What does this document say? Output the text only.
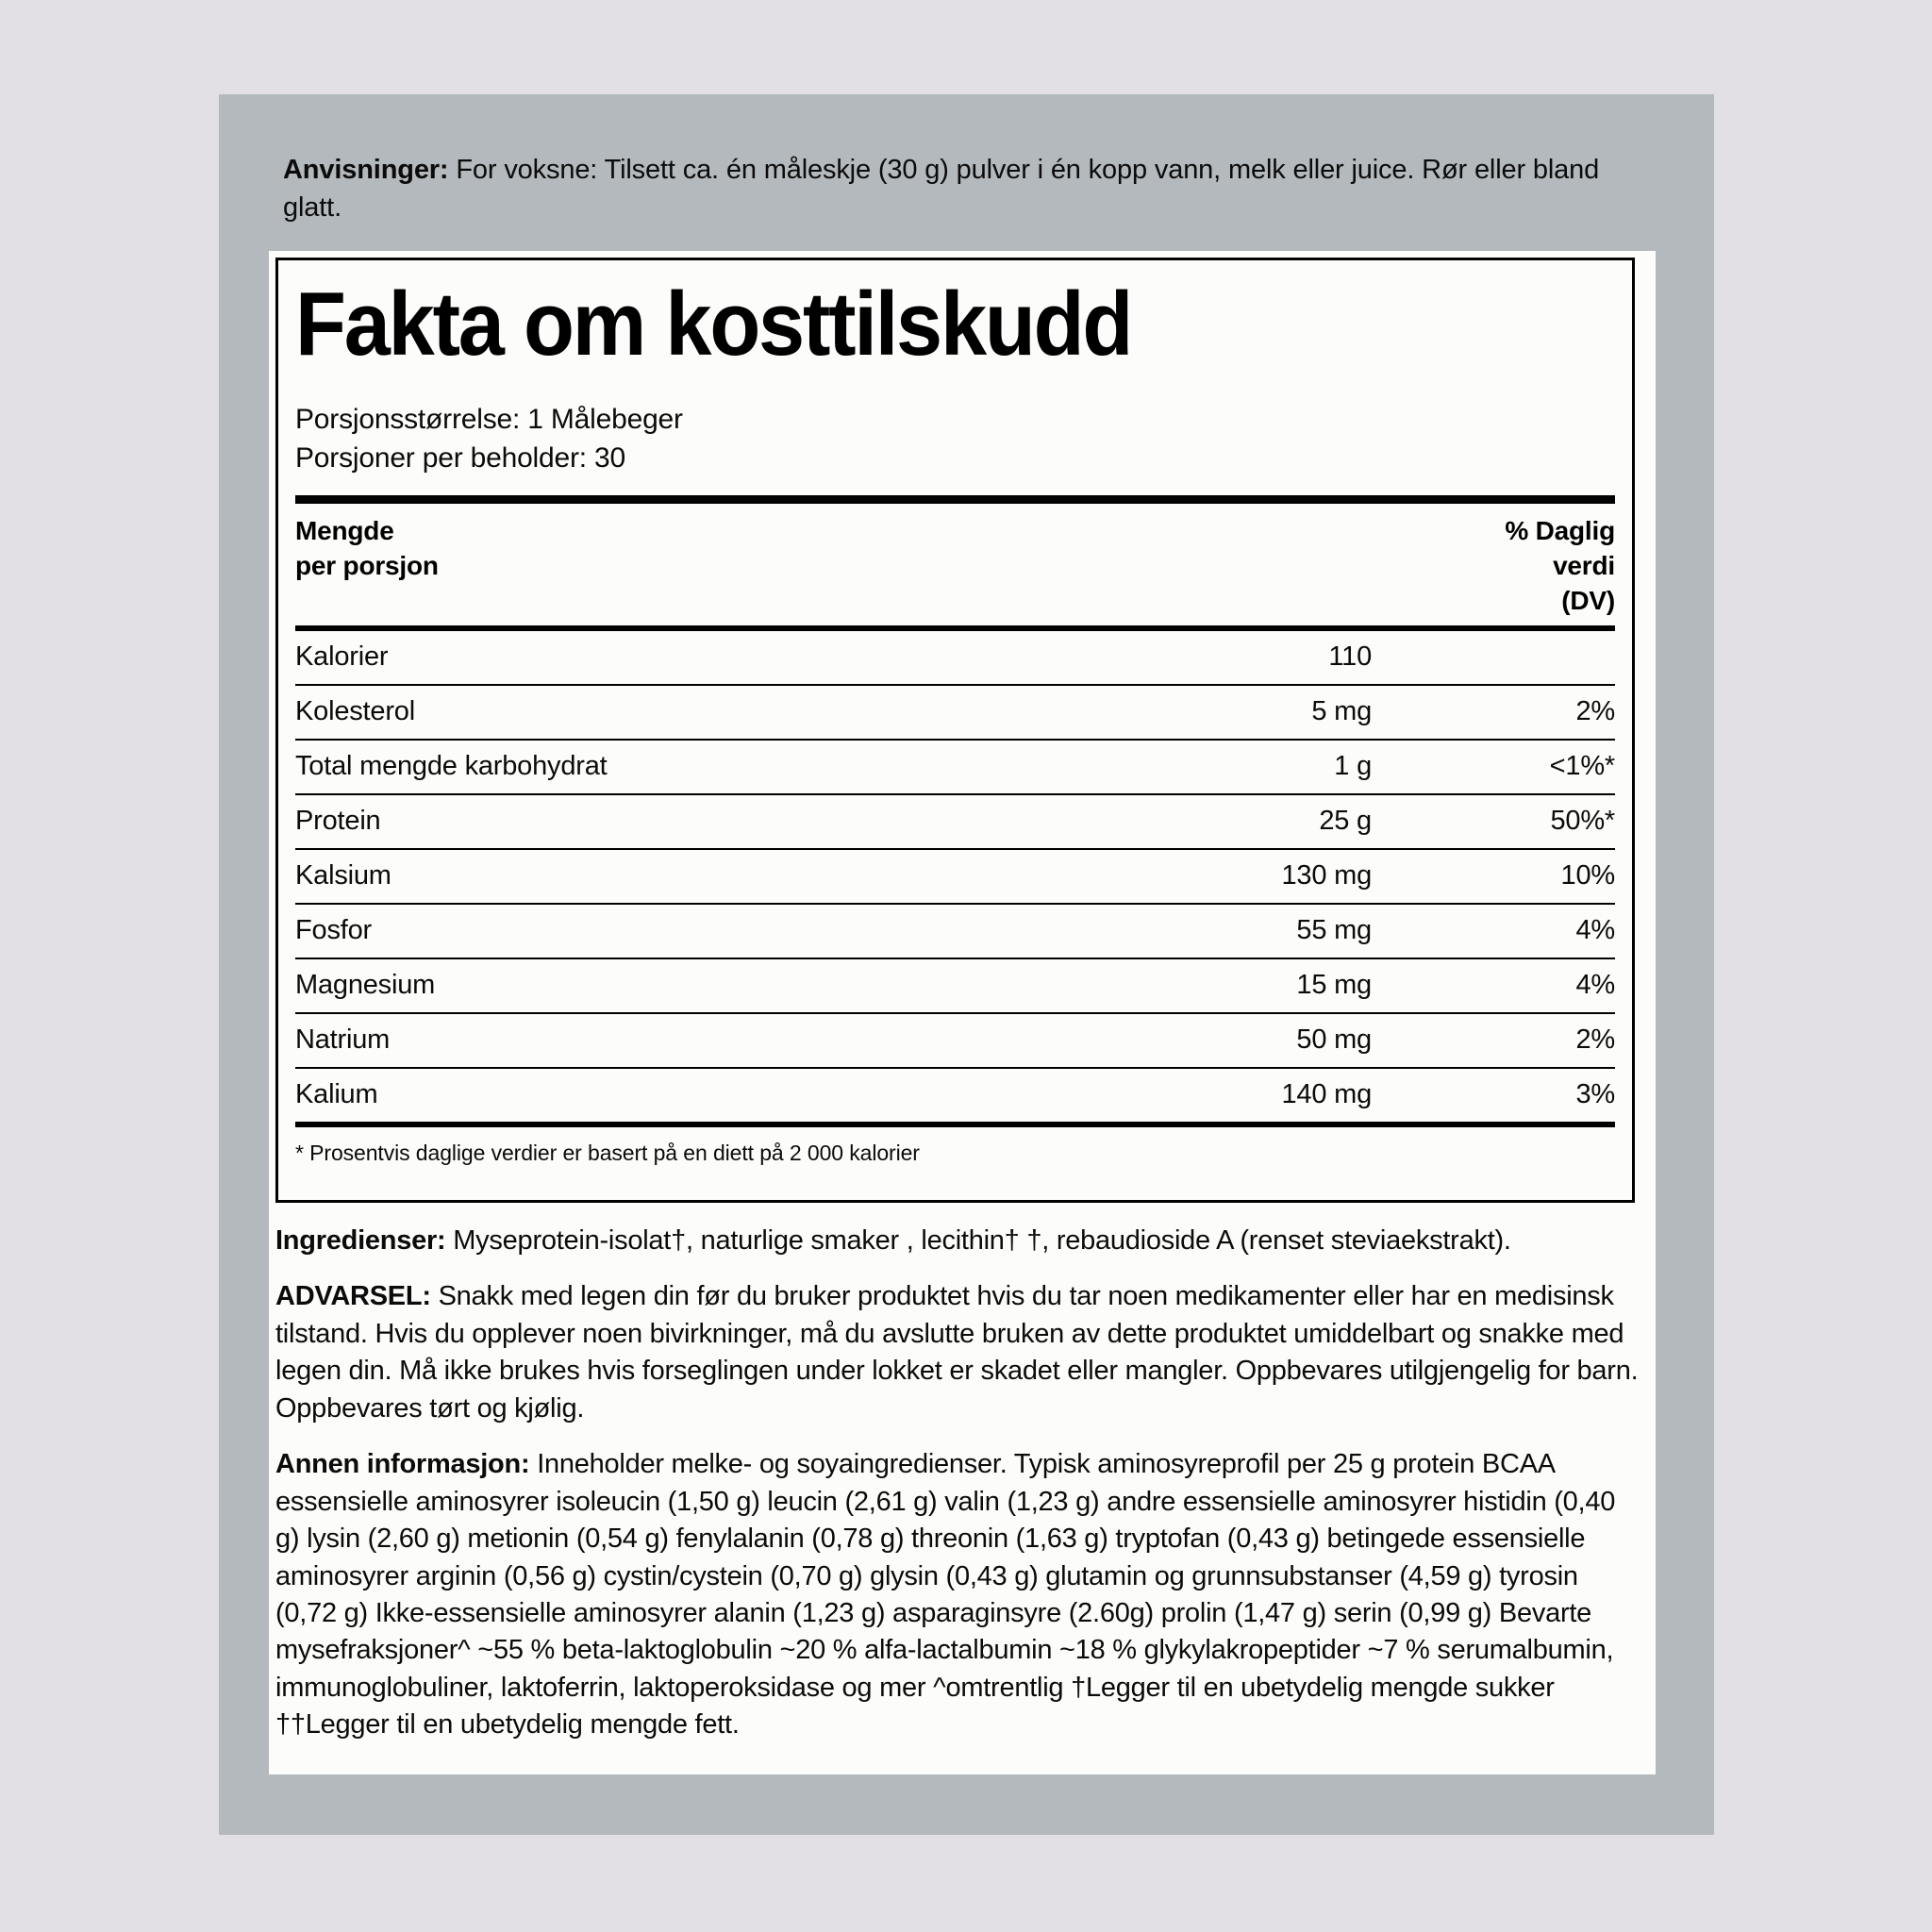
Anvisninger: For voksne: Tilsett ca. én måleskje (30 g) pulver i én kopp vann, melk eller juice. Rør eller bland glatt.
Fakta om kosttilskudd
Porsjonsstørrelse: 1 Målebeger
Porsjoner per beholder: 30
Mengde
per porsjon
% Daglig
verdi
(DV)
Kalorier	110	
Kolesterol	5 mg	2%
Total mengde karbohydrat	1 g	<1%*
Protein	25 g	50%*
Kalsium	130 mg	10%
Fosfor	55 mg	4%
Magnesium	15 mg	4%
Natrium	50 mg	2%
Kalium	140 mg	3%
* Prosentvis daglige verdier er basert på en diett på 2 000 kalorier
Ingredienser: Myseprotein-isolat†, naturlige smaker , lecithin† †, rebaudioside A (renset steviaekstrakt).
ADVARSEL: Snakk med legen din før du bruker produktet hvis du tar noen medikamenter eller har en medisinsk tilstand. Hvis du opplever noen bivirkninger, må du avslutte bruken av dette produktet umiddelbart og snakke med legen din. Må ikke brukes hvis forseglingen under lokket er skadet eller mangler. Oppbevares utilgjengelig for barn. Oppbevares tørt og kjølig.
Annen informasjon: Inneholder melke- og soyaingredienser. Typisk aminosyreprofil per 25 g protein BCAA essensielle aminosyrer isoleucin (1,50 g) leucin (2,61 g) valin (1,23 g) andre essensielle aminosyrer histidin (0,40 g) lysin (2,60 g) metionin (0,54 g) fenylalanin (0,78 g) threonin (1,63 g) tryptofan (0,43 g) betingede essensielle aminosyrer arginin (0,56 g) cystin/cystein (0,70 g) glysin (0,43 g) glutamin og grunnsubstanser (4,59 g) tyrosin (0,72 g) Ikke-essensielle aminosyrer alanin (1,23 g) asparaginsyre (2.60g) prolin (1,47 g) serin (0,99 g) Bevarte mysefraksjoner^ ~55 % beta-laktoglobulin ~20 % alfa-lactalbumin ~18 % glykylakropeptider ~7 % serumalbumin, immunoglobuliner, laktoferrin, laktoperoksidase og mer ^omtrentlig †Legger til en ubetydelig mengde sukker ††Legger til en ubetydelig mengde fett.
